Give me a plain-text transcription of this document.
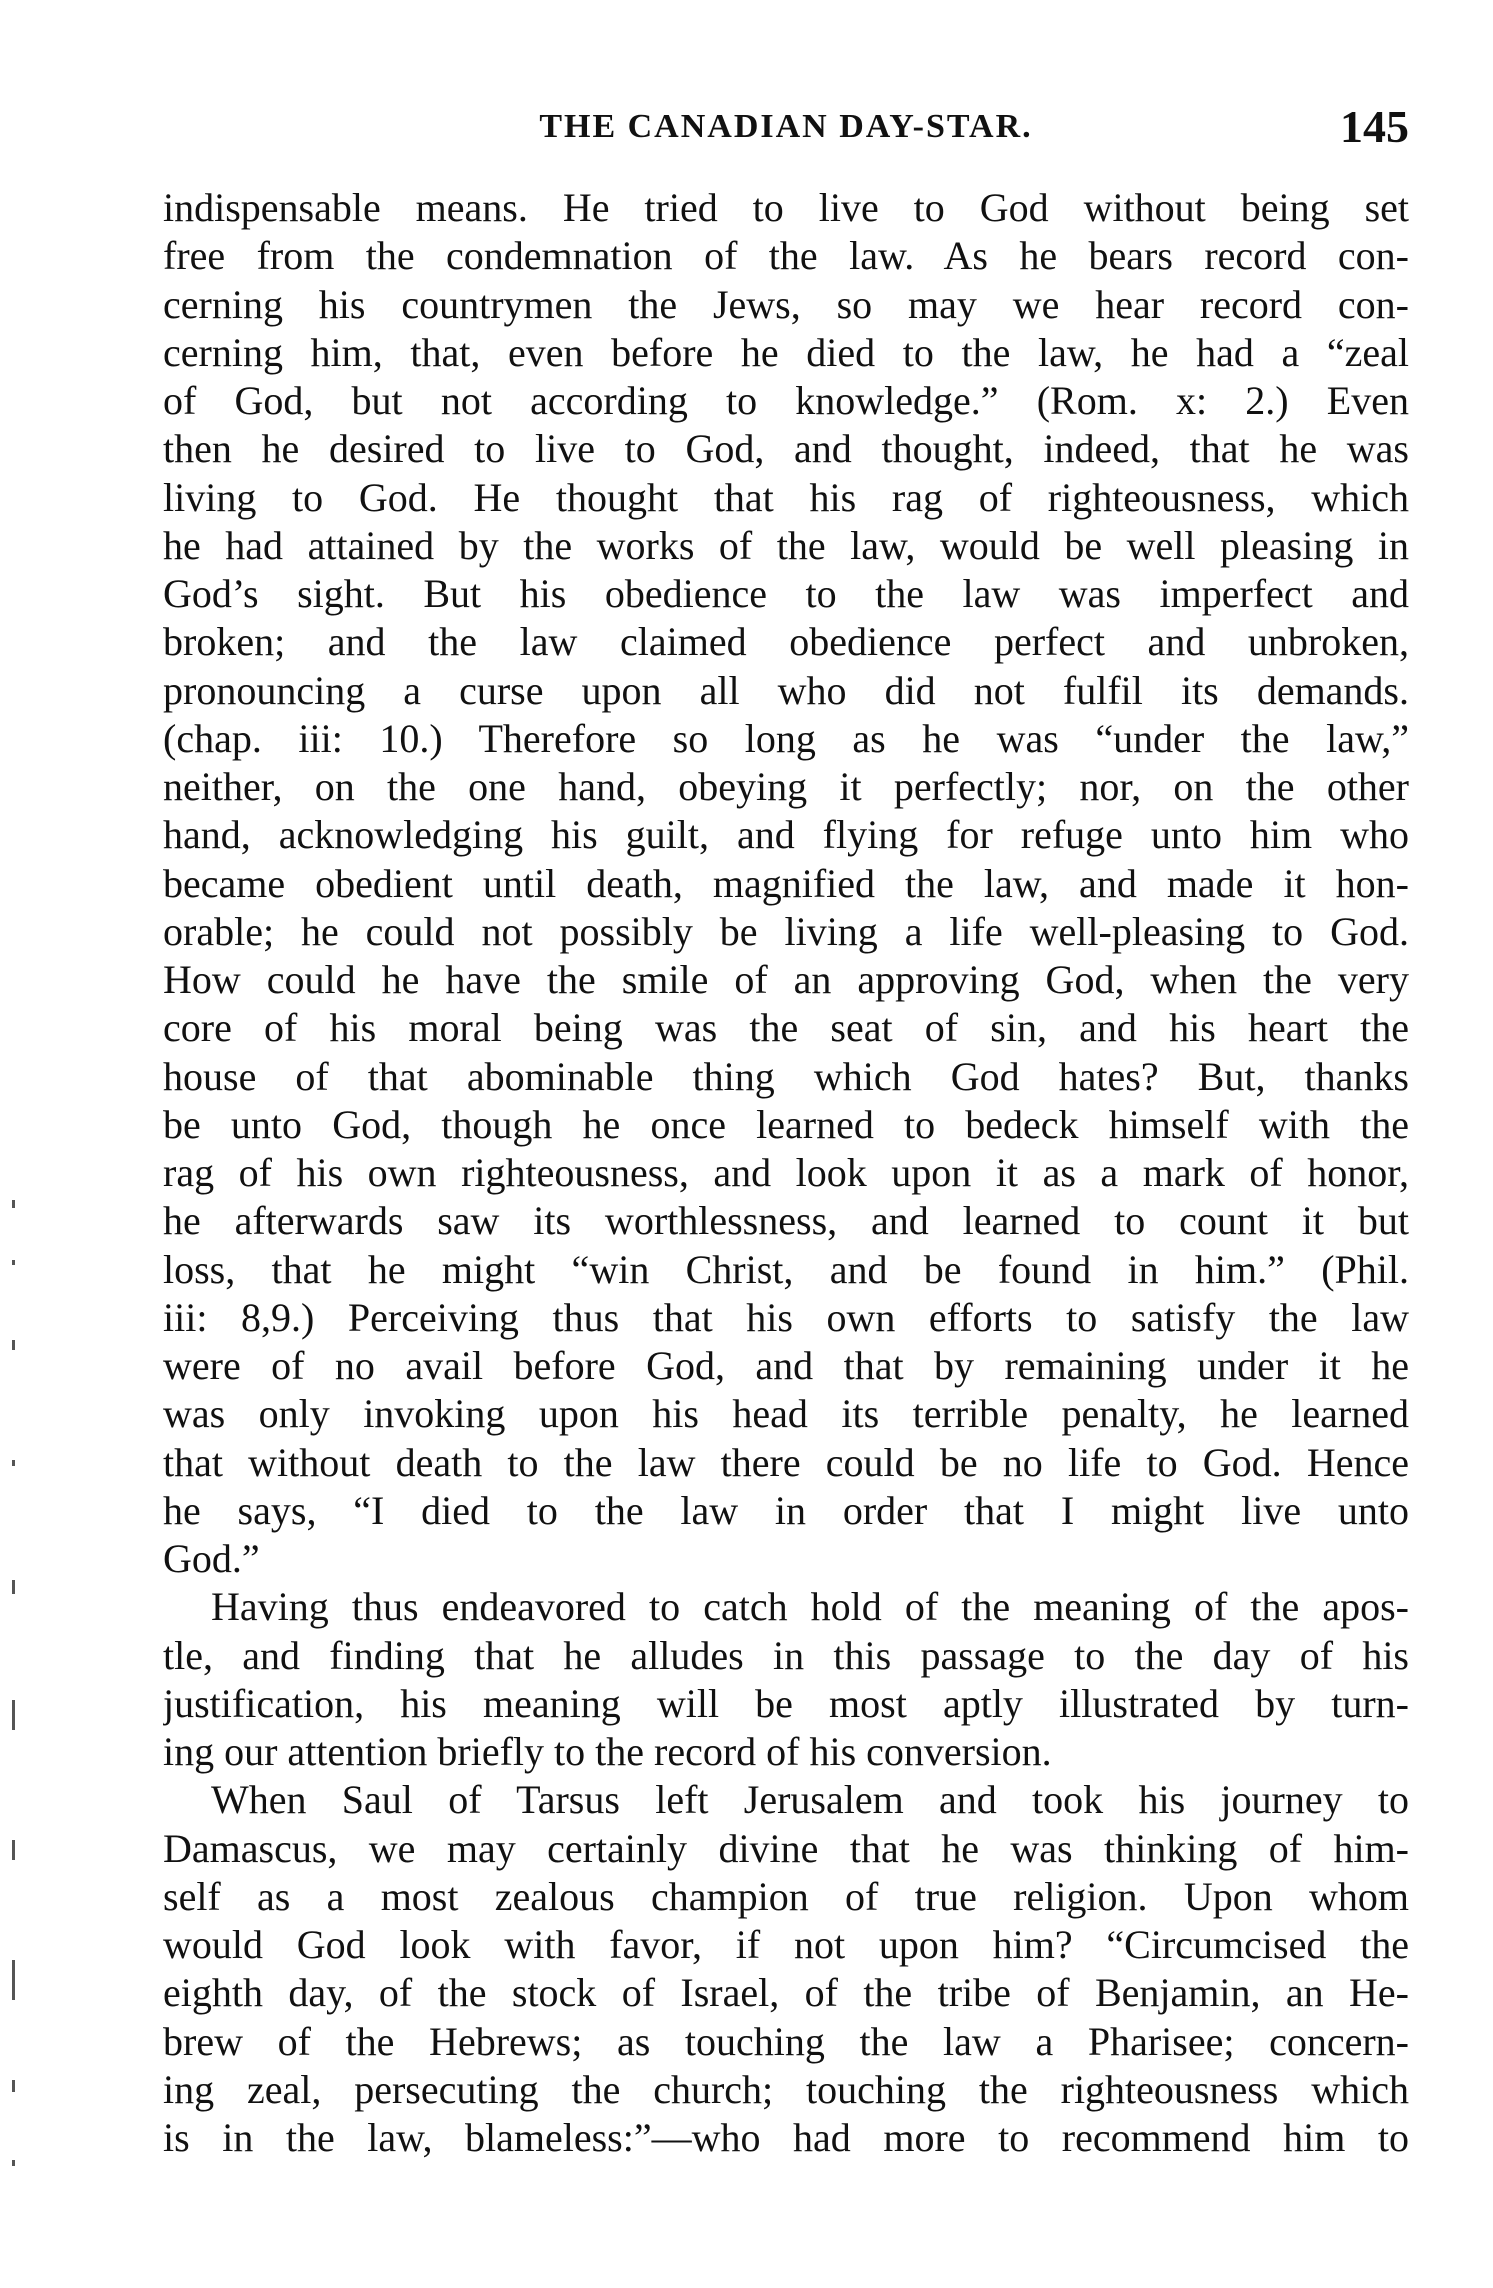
THE CANADIAN DAY-STAR.	145
indispensable means. He tried to live to God without being set
free from the condemnation of the law. As he bears record con-
cerning his countrymen the Jews, so may we hear record con-
cerning him, that, even before he died to the law, he had a “zeal
of God, but not according to knowledge.” (Rom. x: 2.) Even
then he desired to live to God, and thought, indeed, that he was
living to God. He thought that his rag of righteousness, which
he had attained by the works of the law, would be well pleasing in
God’s sight. But his obedience to the law was imperfect and
broken; and the law claimed obedience perfect and unbroken,
pronouncing a curse upon all who did not fulfil its demands.
(chap. iii: 10.) Therefore so long as he was “under the law,”
neither, on the one hand, obeying it perfectly; nor, on the other
hand, acknowledging his guilt, and flying for refuge unto him who
became obedient until death, magnified the law, and made it hon-
orable; he could not possibly be living a life well-pleasing to God.
How could he have the smile of an approving God, when the very
core of his moral being was the seat of sin, and his heart the
house of that abominable thing which God hates? But, thanks
be unto God, though he once learned to bedeck himself with the
rag of his own righteousness, and look upon it as a mark of honor,
he afterwards saw its worthlessness, and learned to count it but
loss, that he might “win Christ, and be found in him.” (Phil.
iii: 8,9.) Perceiving thus that his own efforts to satisfy the law
were of no avail before God, and that by remaining under it he
was only invoking upon his head its terrible penalty, he learned
that without death to the law there could be no life to God. Hence
he says, “I died to the law in order that I might live unto
God.”
Having thus endeavored to catch hold of the meaning of the apos-
tle, and finding that he alludes in this passage to the day of his
justification, his meaning will be most aptly illustrated by turn-
ing our attention briefly to the record of his conversion.
When Saul of Tarsus left Jerusalem and took his journey to
Damascus, we may certainly divine that he was thinking of him-
self as a most zealous champion of true religion. Upon whom
would God look with favor, if not upon him? “Circumcised the
eighth day, of the stock of Israel, of the tribe of Benjamin, an He-
brew of the Hebrews; as touching the law a Pharisee; concern-
ing zeal, persecuting the church; touching the righteousness which
is in the law, blameless:”—who had more to recommend him to
